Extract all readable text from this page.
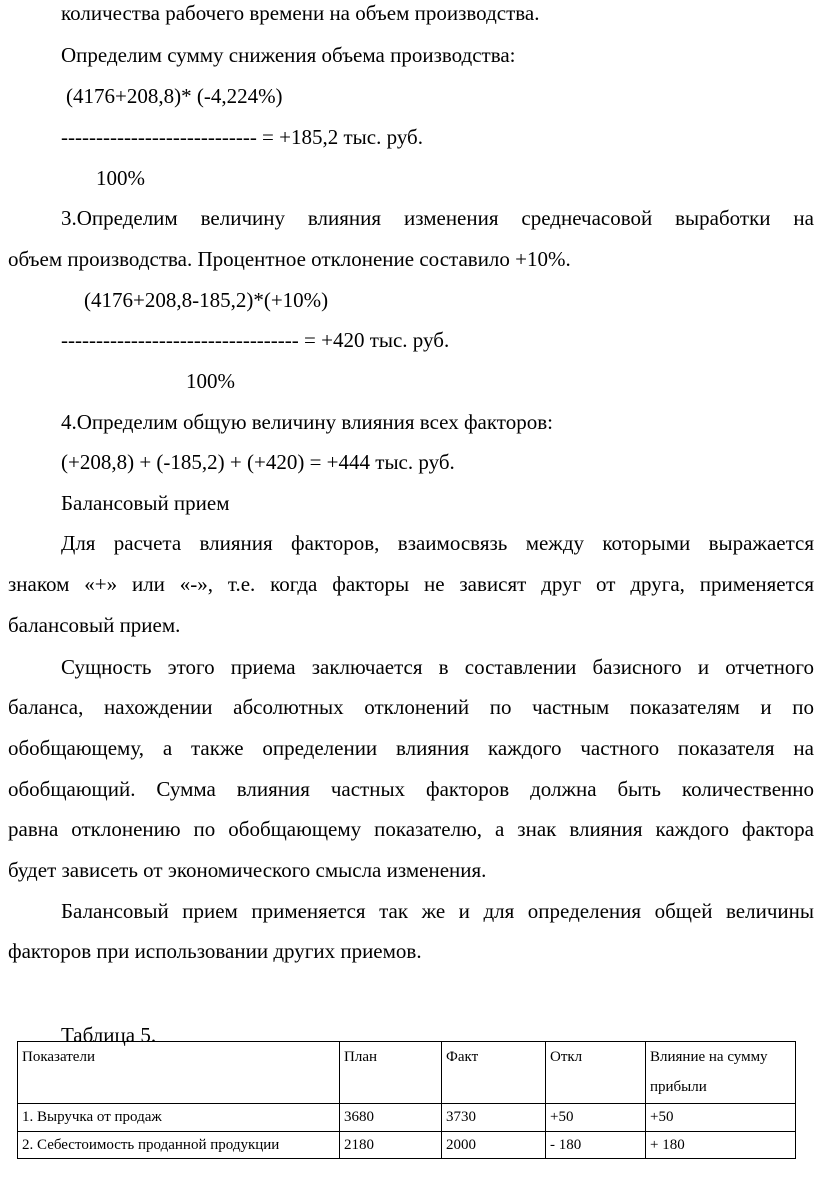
количества рабочего времени на объем производства.

Определим сумму снижения объема производства:

(4176+208,8)* (-4,224%)

---------------------------- = +185,2 тыс. руб.

100%

3.Определим величину влияния изменения среднечасовой выработки на

объем производства. Процентное отклонение составило +10%.

(4176+208,8-185,2)*(+10%)

---------------------------------- = +420 тыс. руб.

100%

4.Определим общую величину влияния всех факторов:

(+208,8) + (-185,2) + (+420) = +444 тыс. руб.

Балансовый прием

Для расчета влияния факторов, взаимосвязь между которыми выражается

знаком «+» или «-», т.е. когда факторы не зависят друг от друга, применяется

балансовый прием.

Сущность этого приема заключается в составлении базисного и отчетного

баланса, нахождении абсолютных отклонений по частным показателям и по

обобщающему, а также определении влияния каждого частного показателя на

обобщающий. Сумма влияния частных факторов должна быть количественно

равна отклонению по обобщающему показателю, а знак влияния каждого фактора

будет зависеть от экономического смысла изменения.

Балансовый прием применяется так же и для определения общей величины

факторов при использовании других приемов.

Таблица 5.

Показатели	План	Факт	Откл	Влияние на сумму
прибыли
1. Выручка от продаж	3680	3730	+50	+50
2. Себестоимость проданной продукции	2180	2000	- 180	+ 180
